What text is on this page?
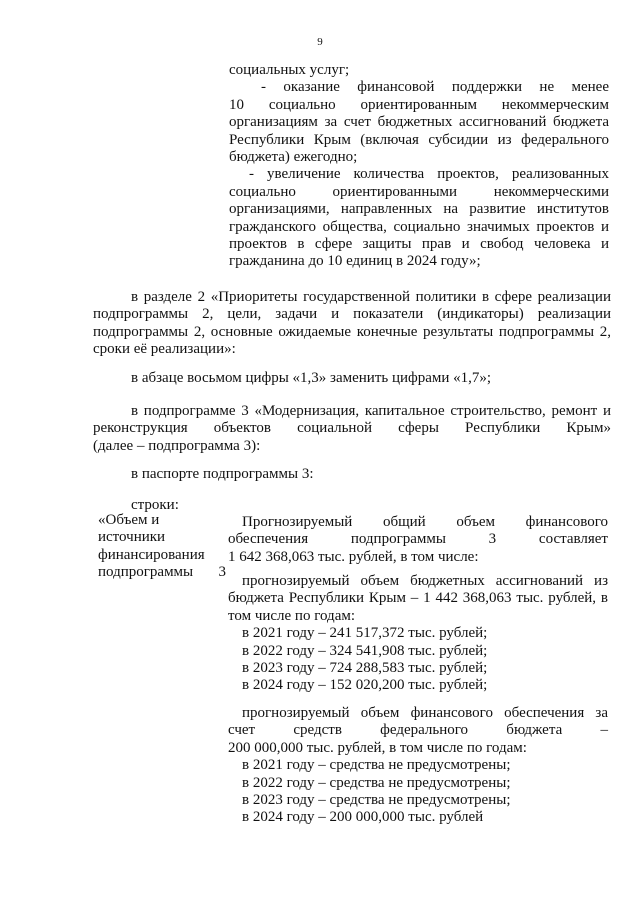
9
социальных услуг;
- оказание финансовой поддержки не менее
10 социально ориентированным некоммерческим
организациям за счет бюджетных ассигнований бюджета
Республики Крым (включая субсидии из федерального
бюджета) ежегодно;
- увеличение количества проектов, реализованных
социально ориентированными некоммерческими
организациями, направленных на развитие институтов
гражданского общества, социально значимых проектов и
проектов в сфере защиты прав и свобод человека и
гражданина до 10 единиц в 2024 году»;
в разделе 2 «Приоритеты государственной политики в сфере реализации
подпрограммы 2, цели, задачи и показатели (индикаторы) реализации
подпрограммы 2, основные ожидаемые конечные результаты подпрограммы 2,
сроки её реализации»:
в абзаце восьмом цифры «1,3» заменить цифрами «1,7»;
в подпрограмме 3 «Модернизация, капитальное строительство, ремонт и
реконструкция объектов социальной сферы Республики Крым»
(далее – подпрограмма 3):
в паспорте подпрограммы 3:
строки:
«Объем и
источники
финансирования
подпрограммы 3
Прогнозируемый общий объем финансового
обеспечения подпрограммы 3 составляет
1 642 368,063 тыс. рублей, в том числе:
прогнозируемый объем бюджетных ассигнований из
бюджета Республики Крым – 1 442 368,063 тыс. рублей, в
том числе по годам:
в 2021 году – 241 517,372 тыс. рублей;
в 2022 году – 324 541,908 тыс. рублей;
в 2023 году – 724 288,583 тыс. рублей;
в 2024 году – 152 020,200 тыс. рублей;
прогнозируемый объем финансового обеспечения за
счет средств федерального бюджета –
200 000,000 тыс. рублей, в том числе по годам:
в 2021 году – средства не предусмотрены;
в 2022 году – средства не предусмотрены;
в 2023 году – средства не предусмотрены;
в 2024 году – 200 000,000 тыс. рублей
